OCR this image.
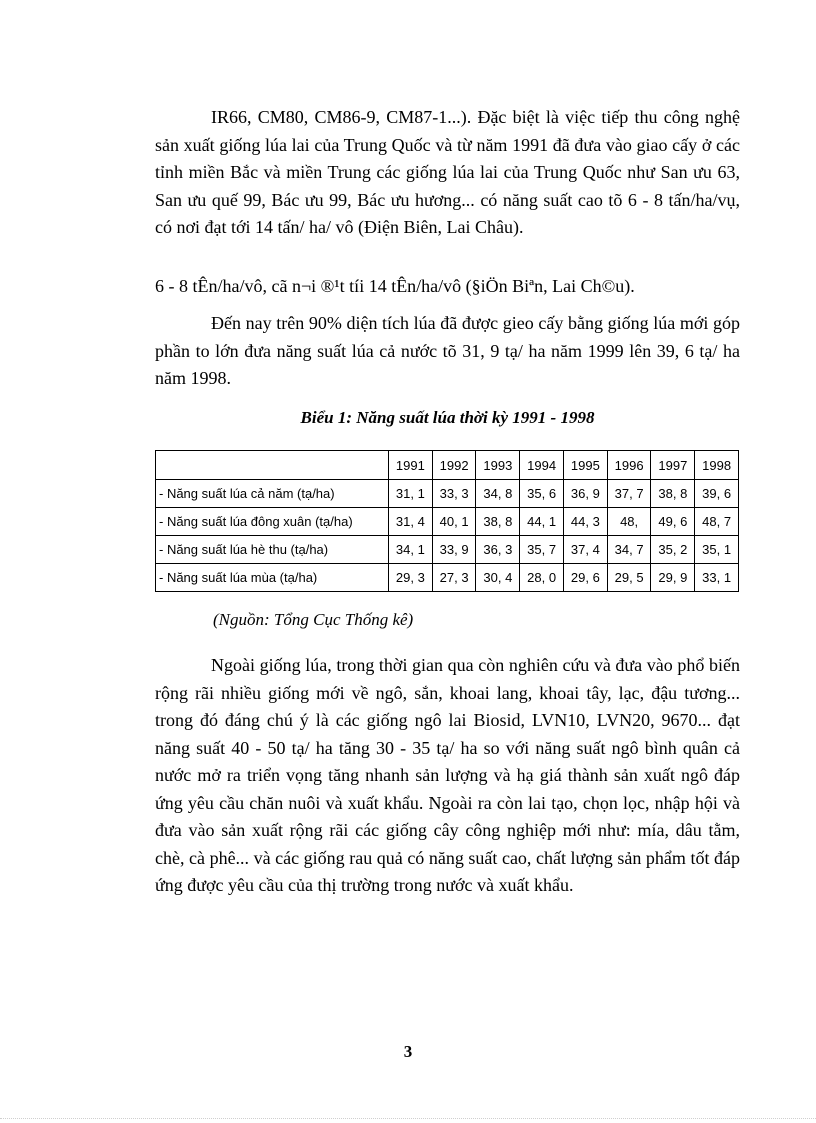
IR66, CM80, CM86-9, CM87-1...). Đặc biệt là việc tiếp thu công nghệ sản xuất giống lúa lai của Trung Quốc và từ năm 1991 đã đưa vào giao cấy ở các tỉnh miền Bắc và miền Trung các giống lúa lai của Trung Quốc như San ưu 63, San ưu quế 99, Bác ưu 99, Bác ưu hương... có năng suất cao tõ 6 - 8 tấn/ha/vụ, có nơi đạt tới 14 tấn/ ha/ vô (Điện Biên, Lai Châu).

6 - 8 tÊn/ha/vô, cã n¬i ®¹t tíi 14 tÊn/ha/vô (§iÖn Biªn, Lai Ch©u).

Đến nay trên 90% diện tích lúa đã được gieo cấy bằng giống lúa mới góp phần to lớn đưa năng suất lúa cả nước tõ 31, 9 tạ/ ha năm 1999 lên 39, 6 tạ/ ha năm 1998.

Biểu 1: Năng suất lúa thời kỳ 1991 - 1998

	1991	1992	1993	1994	1995	1996	1997	1998
- Năng suất lúa cả năm (tạ/ha)	31, 1	33, 3	34, 8	35, 6	36, 9	37, 7	38, 8	39, 6
- Năng suất lúa đông xuân (tạ/ha)	31, 4	40, 1	38, 8	44, 1	44, 3	48,	49, 6	48, 7
- Năng suất lúa hè thu (tạ/ha)	34, 1	33, 9	36, 3	35, 7	37, 4	34, 7	35, 2	35, 1
- Năng suất lúa mùa (tạ/ha)	29, 3	27, 3	30, 4	28, 0	29, 6	29, 5	29, 9	33, 1

(Nguồn: Tổng Cục Thống kê)

Ngoài giống lúa, trong thời gian qua còn nghiên cứu và đưa vào phổ biến rộng rãi nhiều giống mới về ngô, sắn, khoai lang, khoai tây, lạc, đậu tương... trong đó đáng chú ý là các giống ngô lai Biosid, LVN10, LVN20, 9670... đạt năng suất 40 - 50 tạ/ ha tăng 30 - 35 tạ/ ha so với năng suất ngô bình quân cả nước mở ra triển vọng tăng nhanh sản lượng và hạ giá thành sản xuất ngô đáp ứng yêu cầu chăn nuôi và xuất khẩu. Ngoài ra còn lai tạo, chọn lọc, nhập hội và đưa vào sản xuất rộng rãi các giống cây công nghiệp mới như: mía, dâu tằm, chè, cà phê... và các giống rau quả có năng suất cao, chất lượng sản phẩm tốt đáp ứng được yêu cầu của thị trường trong nước và xuất khẩu.

3
